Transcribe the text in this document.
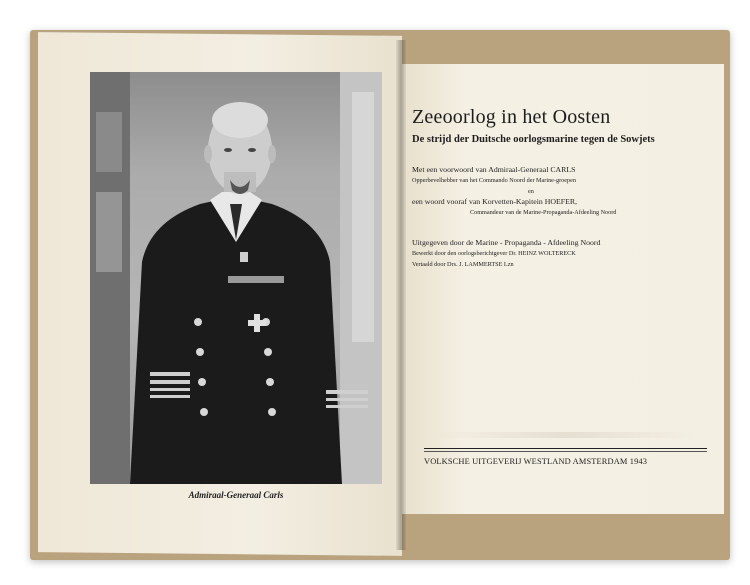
Admiraal-Generaal Carls
Zeeoorlog in het Oosten
De strijd der Duitsche oorlogsmarine tegen de Sowjets
Met een voorwoord van Admiraal-Generaal CARLS
Opperbevelhebber van het Commando Noord der Marine-groepen
en
een woord vooraf van Korvetten-Kapitein HOEFER,
Commandeur van de Marine-Propaganda-Afdeeling Noord
Uitgegeven door de Marine - Propaganda - Afdeeling Noord
Bewerkt door den oorlogsberichtgever Dr. HEINZ WOLTERECK
Vertaald door Drs. J. LAMMERTSE Lzn
VOLKSCHE UITGEVERIJ WESTLAND AMSTERDAM 1943
